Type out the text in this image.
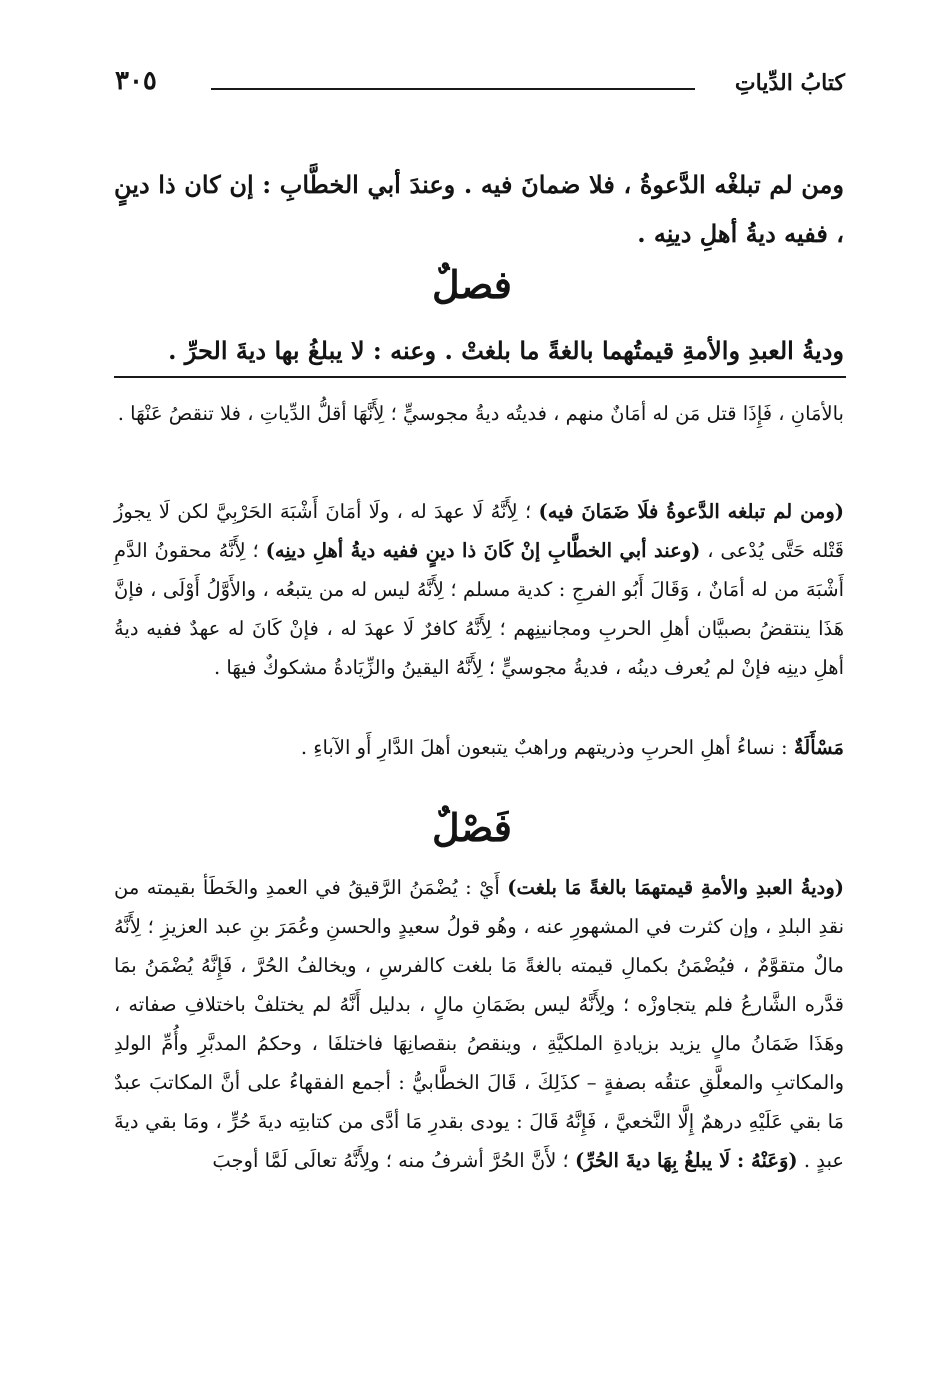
كتابُ الدِّياتِ
٣٠٥

ومن لم تبلغْه الدَّعوةُ ، فلا ضمانَ فيه . وعندَ أبي الخطَّابِ : إن كان ذا دينٍ ، ففيه ديةُ أهلِ دينِه .

فصلٌ

وديةُ العبدِ والأمةِ قيمتُهما بالغةً ما بلغتْ . وعنه : لا يبلغُ بها ديةَ الحرِّ .

بالأمَانِ ، فَإِذَا قتل مَن له أمَانٌ منهم ، فديتُه ديةُ مجوسيٍّ ؛ لِأَنَّهَا أقلُّ الدِّياتِ ، فلا تنقصُ عَنْهَا .

(ومن لم تبلغه الدَّعوةُ فلَا ضَمَانَ فيه) ؛ لِأَنَّهُ لَا عهدَ له ، ولَا أمَانَ أَشْبَهَ الحَرْبِيَّ لكن لَا يجوزُ قَتْله حَتَّى يُدْعى ، (وعند أبي الخطَّابِ إنْ كَانَ ذا دينٍ ففيه ديةُ أهلِ دينِه) ؛ لِأَنَّهُ محقونُ الدَّمِ أَشْبَهَ من له أمَانٌ ، وَقَالَ أَبُو الفرجِ : كدية مسلم ؛ لِأَنَّهُ ليس له من يتبعُه ، والأَوَّلُ أَوْلَى ، فإنَّ هَذَا ينتقضُ بصبيَّان أهلِ الحربِ ومجانينِهم ؛ لِأَنَّهُ كافرٌ لَا عهدَ له ، فإنْ كَانَ له عهدٌ ففيه ديةُ أهلِ دينِه فإنْ لم يُعرف دينُه ، فديةُ مجوسيٍّ ؛ لِأَنَّهُ اليقينُ والزِّيَادةُ مشكوكٌ فيهَا .

مَسْأَلَةٌ : نساءُ أهلِ الحربِ وذريتهم وراهبٌ يتبعون أهلَ الدَّارِ أَو الآباءِ .

فَصْلٌ

(وديةُ العبدِ والأمةِ قيمتهمَا بالغةً مَا بلغت) أَيْ : يُضْمَنُ الرَّقيقُ في العمدِ والخَطَأ بقيمته من نقدِ البلدِ ، وإن كثرت في المشهورِ عنه ، وهُو قولُ سعيدٍ والحسنِ وعُمَرَ بنِ عبد العزيزِ ؛ لِأَنَّهُ مالٌ متقوَّمٌ ، فيُضْمَنُ بكمالِ قيمته بالغةً مَا بلغت كالفرسِ ، ويخالفُ الحُرَّ ، فَإِنَّهُ يُضْمَنُ بمَا قدَّره الشَّارعُ فلم يتجاوزْه ؛ ولِأَنَّهُ ليس بضَمَانِ مالٍ ، بدليل أَنَّهُ لم يختلفْ باختلافِ صفاته ، وهَذَا ضَمَانُ مالٍ يزيد بزيادةِ الملكيَّةِ ، وينقصُ بنقصانِهَا فاختلفَا ، وحكمُ المدبَّرِ وأُمِّ الولدِ والمكاتبِ والمعلَّقِ عتقُه بصفةٍ – كذَلِكَ ، قَالَ الخطَّابيُّ : أجمع الفقهاءُ على أنَّ المكاتبَ عبدٌ مَا بقي عَلَيْهِ درهمٌ إِلَّا النَّخعيَّ ، فَإِنَّهُ قَالَ : يودى بقدرِ مَا أدَّى من كتابتِه ديةَ حُرٍّ ، ومَا بقي ديةَ عبدٍ . (وَعَنْهُ : لَا يبلغُ بِهَا ديةَ الحُرِّ) ؛ لأَنَّ الحُرَّ أشرفُ منه ؛ ولِأَنَّهُ تعالَى لَمَّا أوجبَ
